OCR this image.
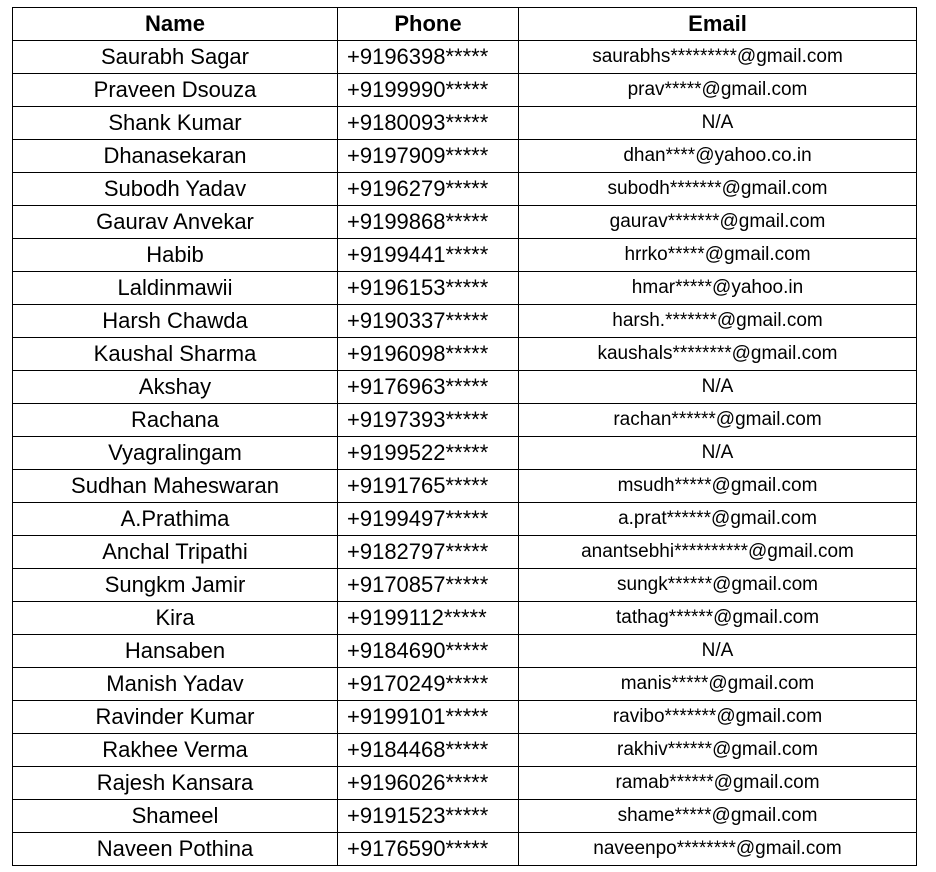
Name	Phone	Email
Saurabh Sagar	+9196398*****	saurabhs*********@gmail.com
Praveen Dsouza	+9199990*****	prav*****@gmail.com
Shank Kumar	+9180093*****	N/A
Dhanasekaran	+9197909*****	dhan****@yahoo.co.in
Subodh Yadav	+9196279*****	subodh*******@gmail.com
Gaurav Anvekar	+9199868*****	gaurav*******@gmail.com
Habib	+9199441*****	hrrko*****@gmail.com
Laldinmawii	+9196153*****	hmar*****@yahoo.in
Harsh Chawda	+9190337*****	harsh.*******@gmail.com
Kaushal Sharma	+9196098*****	kaushals********@gmail.com
Akshay	+9176963*****	N/A
Rachana	+9197393*****	rachan******@gmail.com
Vyagralingam	+9199522*****	N/A
Sudhan Maheswaran	+9191765*****	msudh*****@gmail.com
A.Prathima	+9199497*****	a.prat******@gmail.com
Anchal Tripathi	+9182797*****	anantsebhi**********@gmail.com
Sungkm Jamir	+9170857*****	sungk******@gmail.com
Kira	+9199112*****	tathag******@gmail.com
Hansaben	+9184690*****	N/A
Manish Yadav	+9170249*****	manis*****@gmail.com
Ravinder Kumar	+9199101*****	ravibo*******@gmail.com
Rakhee Verma	+9184468*****	rakhiv******@gmail.com
Rajesh Kansara	+9196026*****	ramab******@gmail.com
Shameel	+9191523*****	shame*****@gmail.com
Naveen Pothina	+9176590*****	naveenpo********@gmail.com
